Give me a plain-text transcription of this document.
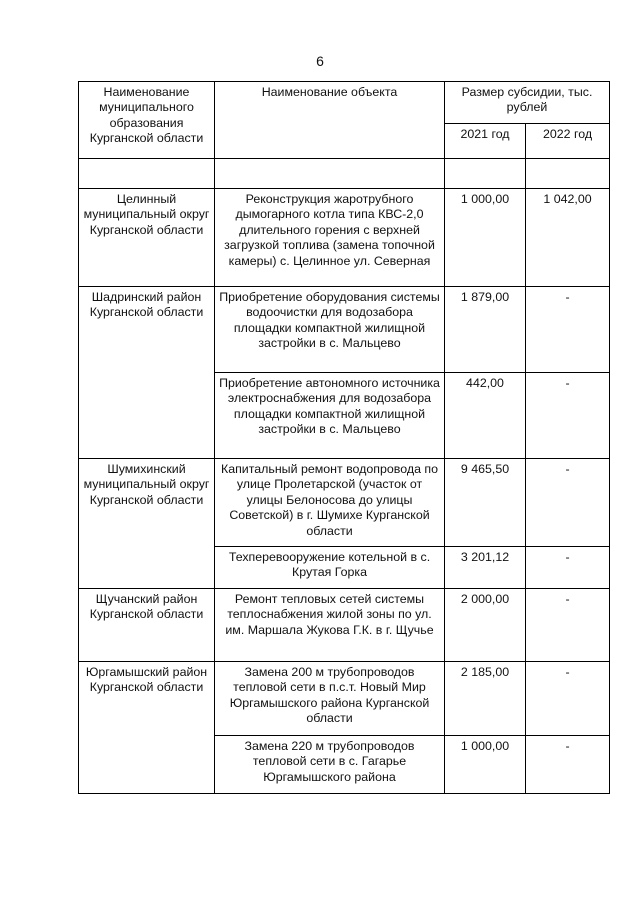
6
Наименование муниципального образования Курганской области	Наименование объекта	Размер субсидии, тыс. рублей	
		2021 год	2022 год

Целинный муниципальный округ Курганской области	Реконструкция жаротрубного дымогарного котла типа КВС-2,0 длительного горения с верхней загрузкой топлива (замена топочной камеры) с. Целинное ул. Северная	1 000,00	1 042,00
Шадринский район Курганской области	Приобретение оборудования системы водоочистки для водозабора площадки компактной жилищной застройки в с. Мальцево	1 879,00	-
	Приобретение автономного источника электроснабжения для водозабора площадки компактной жилищной застройки в с. Мальцево	442,00	-
Шумихинский муниципальный округ Курганской области	Капитальный ремонт водопровода по улице Пролетарской (участок от улицы Белоносова до улицы Советской) в г. Шумихе Курганской области	9 465,50	-
	Техперевооружение котельной в с. Крутая Горка	3 201,12	-
Щучанский район Курганской области	Ремонт тепловых сетей системы теплоснабжения жилой зоны по ул. им. Маршала Жукова Г.К. в г. Щучье	2 000,00	-
Юргамышский район Курганской области	Замена 200 м трубопроводов тепловой сети в п.с.т. Новый Мир Юргамышского района Курганской области	2 185,00	-
	Замена 220 м трубопроводов тепловой сети в с. Гагарье Юргамышского района	1 000,00	-
